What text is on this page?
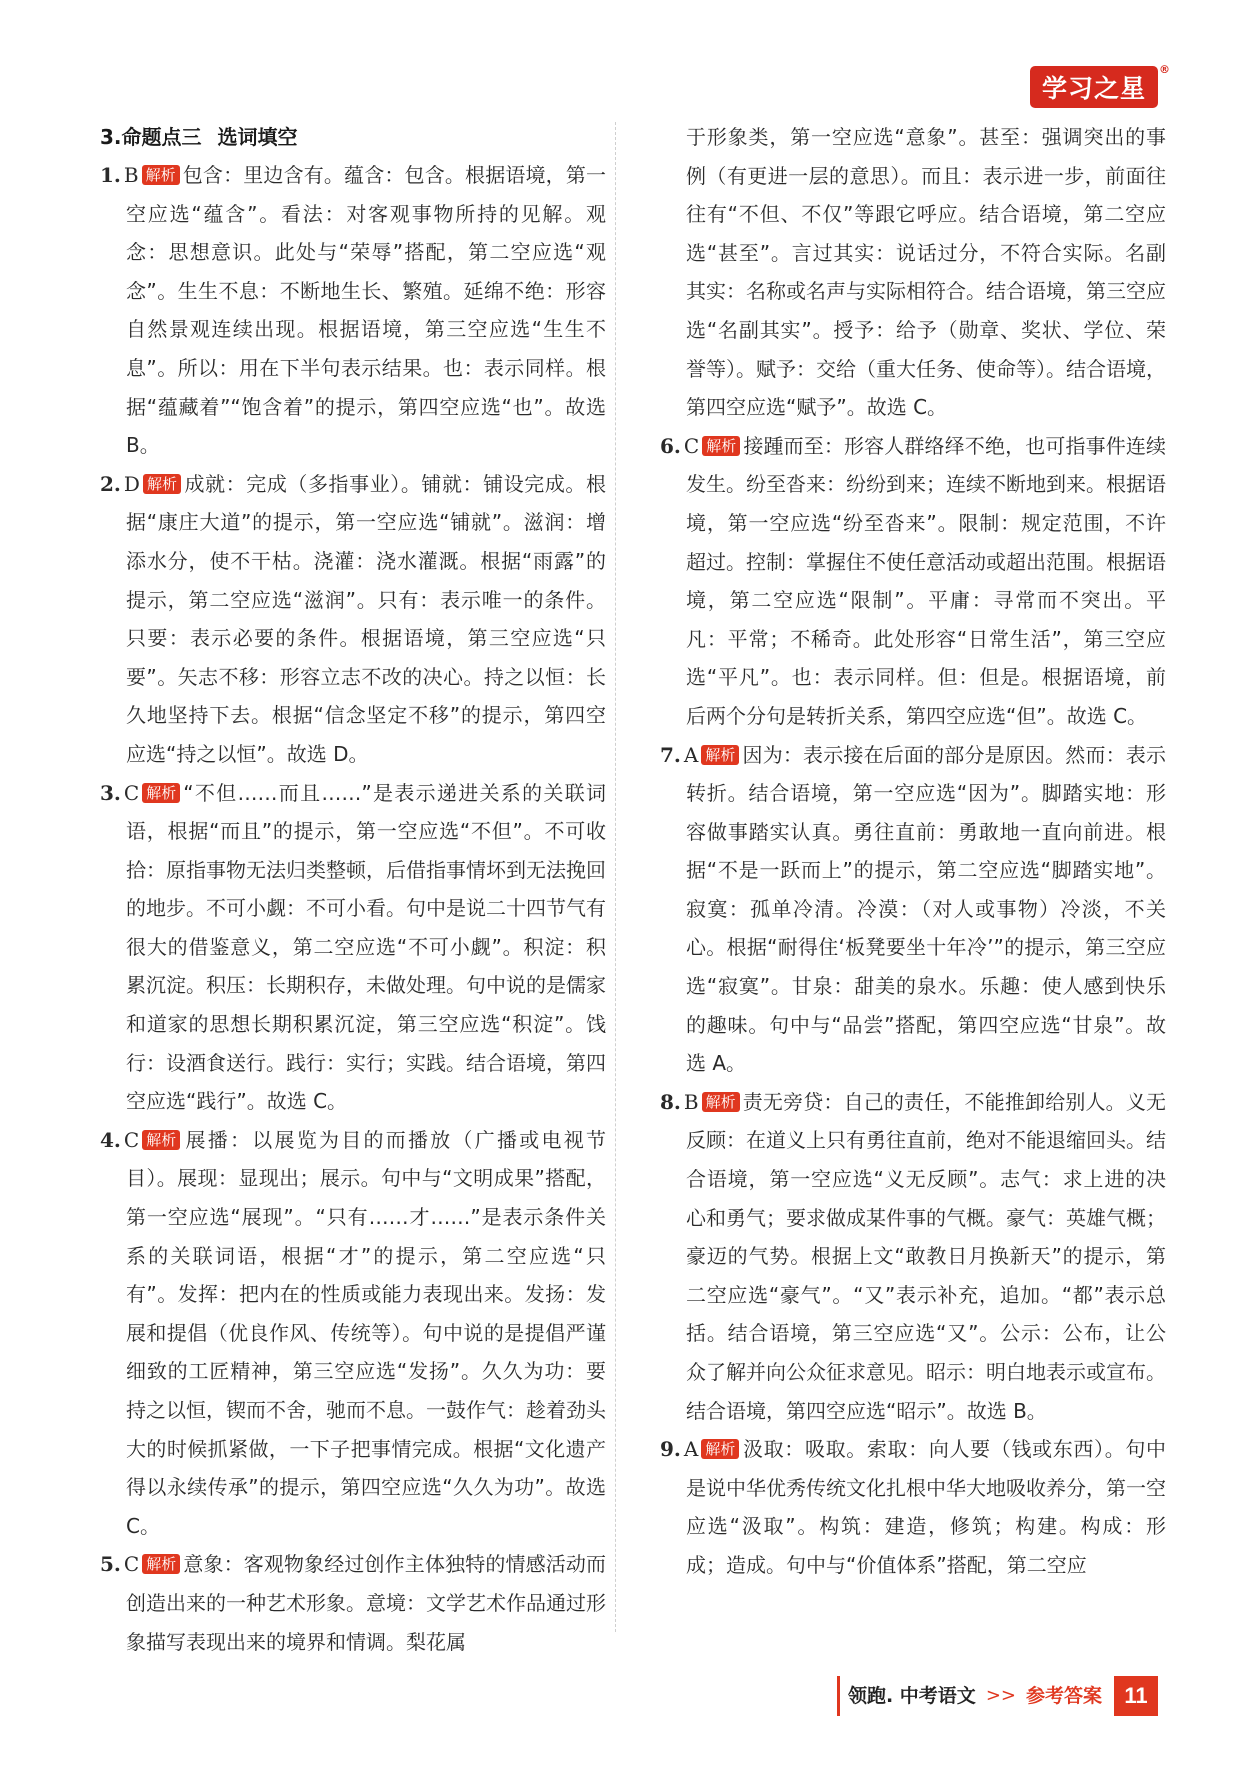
学习之星
®
3.命题点三 选词填空

1. B 解析 包含：里边含有。蕴含：包含。根据语境，第一空应选“蕴含”。看法：对客观事物所持的见解。观念：思想意识。此处与“荣辱”搭配，第二空应选“观念”。生生不息：不断地生长、繁殖。延绵不绝：形容自然景观连续出现。根据语境，第三空应选“生生不息”。所以：用在下半句表示结果。也：表示同样。根据“蕴藏着”“饱含着”的提示，第四空应选“也”。故选 B。

2. D 解析 成就：完成（多指事业）。铺就：铺设完成。根据“康庄大道”的提示，第一空应选“铺就”。滋润：增添水分，使不干枯。浇灌：浇水灌溉。根据“雨露”的提示，第二空应选“滋润”。只有：表示唯一的条件。只要：表示必要的条件。根据语境，第三空应选“只要”。矢志不移：形容立志不改的决心。持之以恒：长久地坚持下去。根据“信念坚定不移”的提示，第四空应选“持之以恒”。故选 D。

3. C 解析 “不但……而且……”是表示递进关系的关联词语，根据“而且”的提示，第一空应选“不但”。不可收拾：原指事物无法归类整顿，后借指事情坏到无法挽回的地步。不可小觑：不可小看。句中是说二十四节气有很大的借鉴意义，第二空应选“不可小觑”。积淀：积累沉淀。积压：长期积存，未做处理。句中说的是儒家和道家的思想长期积累沉淀，第三空应选“积淀”。饯行：设酒食送行。践行：实行；实践。结合语境，第四空应选“践行”。故选 C。

4. C 解析 展播：以展览为目的而播放（广播或电视节目）。展现：显现出；展示。句中与“文明成果”搭配，第一空应选“展现”。“只有……才……”是表示条件关系的关联词语，根据“才”的提示，第二空应选“只有”。发挥：把内在的性质或能力表现出来。发扬：发展和提倡（优良作风、传统等）。句中说的是提倡严谨细致的工匠精神，第三空应选“发扬”。久久为功：要持之以恒，锲而不舍，驰而不息。一鼓作气：趁着劲头大的时候抓紧做，一下子把事情完成。根据“文化遗产得以永续传承”的提示，第四空应选“久久为功”。故选 C。

5. C 解析 意象：客观物象经过创作主体独特的情感活动而创造出来的一种艺术形象。意境：文学艺术作品通过形象描写表现出来的境界和情调。梨花属

于形象类，第一空应选“意象”。甚至：强调突出的事例（有更进一层的意思）。而且：表示进一步，前面往往有“不但、不仅”等跟它呼应。结合语境，第二空应选“甚至”。言过其实：说话过分，不符合实际。名副其实：名称或名声与实际相符合。结合语境，第三空应选“名副其实”。授予：给予（勋章、奖状、学位、荣誉等）。赋予：交给（重大任务、使命等）。结合语境，第四空应选“赋予”。故选 C。

6. C 解析 接踵而至：形容人群络绎不绝，也可指事件连续发生。纷至沓来：纷纷到来；连续不断地到来。根据语境，第一空应选“纷至沓来”。限制：规定范围，不许超过。控制：掌握住不使任意活动或超出范围。根据语境，第二空应选“限制”。平庸：寻常而不突出。平凡：平常；不稀奇。此处形容“日常生活”，第三空应选“平凡”。也：表示同样。但：但是。根据语境，前后两个分句是转折关系，第四空应选“但”。故选 C。

7. A 解析 因为：表示接在后面的部分是原因。然而：表示转折。结合语境，第一空应选“因为”。脚踏实地：形容做事踏实认真。勇往直前：勇敢地一直向前进。根据“不是一跃而上”的提示，第二空应选“脚踏实地”。寂寞：孤单冷清。冷漠：（对人或事物）冷淡，不关心。根据“耐得住‘板凳要坐十年冷’”的提示，第三空应选“寂寞”。甘泉：甜美的泉水。乐趣：使人感到快乐的趣味。句中与“品尝”搭配，第四空应选“甘泉”。故选 A。

8. B 解析 责无旁贷：自己的责任，不能推卸给别人。义无反顾：在道义上只有勇往直前，绝对不能退缩回头。结合语境，第一空应选“义无反顾”。志气：求上进的决心和勇气；要求做成某件事的气概。豪气：英雄气概；豪迈的气势。根据上文“敢教日月换新天”的提示，第二空应选“豪气”。“又”表示补充，追加。“都”表示总括。结合语境，第三空应选“又”。公示：公布，让公众了解并向公众征求意见。昭示：明白地表示或宣布。结合语境，第四空应选“昭示”。故选 B。

9. A 解析 汲取：吸取。索取：向人要（钱或东西）。句中是说中华优秀传统文化扎根中华大地吸收养分，第一空应选“汲取”。构筑：建造，修筑；构建。构成：形成；造成。句中与“价值体系”搭配，第二空应

领跑. 中考语文 >> 参考答案	11
